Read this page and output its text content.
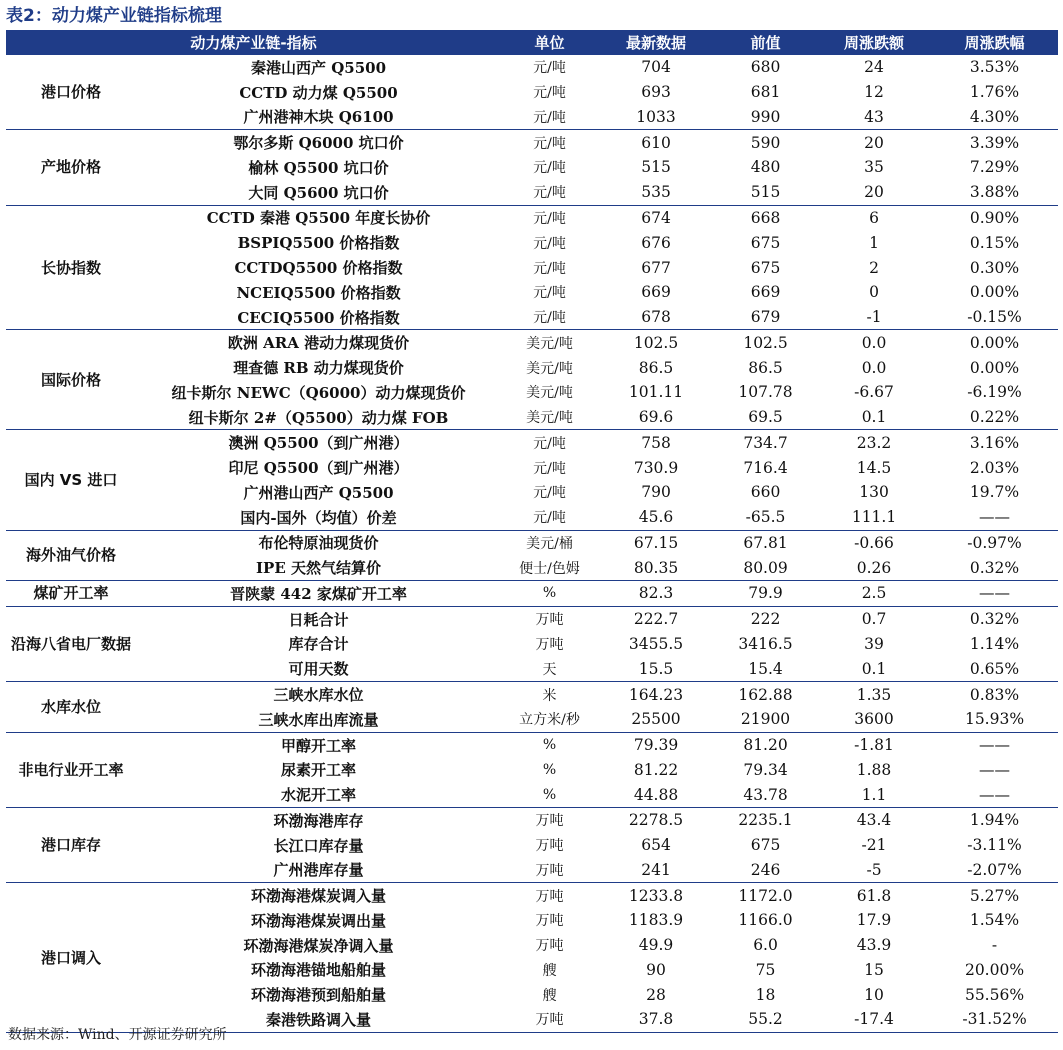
表2：动力煤产业链指标梳理
动力煤产业链-指标		单位	最新数据	前值	周涨跌额	周涨跌幅
港口价格	秦港山西产 Q5500	元/吨	704	680	24	3.53%
	CCTD 动力煤 Q5500	元/吨	693	681	12	1.76%
	广州港神木块 Q6100	元/吨	1033	990	43	4.30%
产地价格	鄂尔多斯 Q6000 坑口价	元/吨	610	590	20	3.39%
	榆林 Q5500 坑口价	元/吨	515	480	35	7.29%
	大同 Q5600 坑口价	元/吨	535	515	20	3.88%
长协指数	CCTD 秦港 Q5500 年度长协价	元/吨	674	668	6	0.90%
	BSPIQ5500 价格指数	元/吨	676	675	1	0.15%
	CCTDQ5500 价格指数	元/吨	677	675	2	0.30%
	NCEIQ5500 价格指数	元/吨	669	669	0	0.00%
	CECIQ5500 价格指数	元/吨	678	679	-1	-0.15%
国际价格	欧洲 ARA 港动力煤现货价	美元/吨	102.5	102.5	0.0	0.00%
	理查德 RB 动力煤现货价	美元/吨	86.5	86.5	0.0	0.00%
	纽卡斯尔 NEWC（Q6000）动力煤现货价	美元/吨	101.11	107.78	-6.67	-6.19%
	纽卡斯尔 2#（Q5500）动力煤 FOB	美元/吨	69.6	69.5	0.1	0.22%
国内 VS 进口	澳洲 Q5500（到广州港）	元/吨	758	734.7	23.2	3.16%
	印尼 Q5500（到广州港）	元/吨	730.9	716.4	14.5	2.03%
	广州港山西产 Q5500	元/吨	790	660	130	19.7%
	国内-国外（均值）价差	元/吨	45.6	-65.5	111.1	——
海外油气价格	布伦特原油现货价	美元/桶	67.15	67.81	-0.66	-0.97%
	IPE 天然气结算价	便士/色姆	80.35	80.09	0.26	0.32%
煤矿开工率	晋陕蒙 442 家煤矿开工率	%	82.3	79.9	2.5	——
沿海八省电厂数据	日耗合计	万吨	222.7	222	0.7	0.32%
	库存合计	万吨	3455.5	3416.5	39	1.14%
	可用天数	天	15.5	15.4	0.1	0.65%
水库水位	三峡水库水位	米	164.23	162.88	1.35	0.83%
	三峡水库出库流量	立方米/秒	25500	21900	3600	15.93%
非电行业开工率	甲醇开工率	%	79.39	81.20	-1.81	——
	尿素开工率	%	81.22	79.34	1.88	——
	水泥开工率	%	44.88	43.78	1.1	——
港口库存	环渤海港库存	万吨	2278.5	2235.1	43.4	1.94%
	长江口库存量	万吨	654	675	-21	-3.11%
	广州港库存量	万吨	241	246	-5	-2.07%
港口调入	环渤海港煤炭调入量	万吨	1233.8	1172.0	61.8	5.27%
	环渤海港煤炭调出量	万吨	1183.9	1166.0	17.9	1.54%
	环渤海港煤炭净调入量	万吨	49.9	6.0	43.9	-
	环渤海港锚地船舶量	艘	90	75	15	20.00%
	环渤海港预到船舶量	艘	28	18	10	55.56%
	秦港铁路调入量	万吨	37.8	55.2	-17.4	-31.52%
数据来源：Wind、开源证券研究所
